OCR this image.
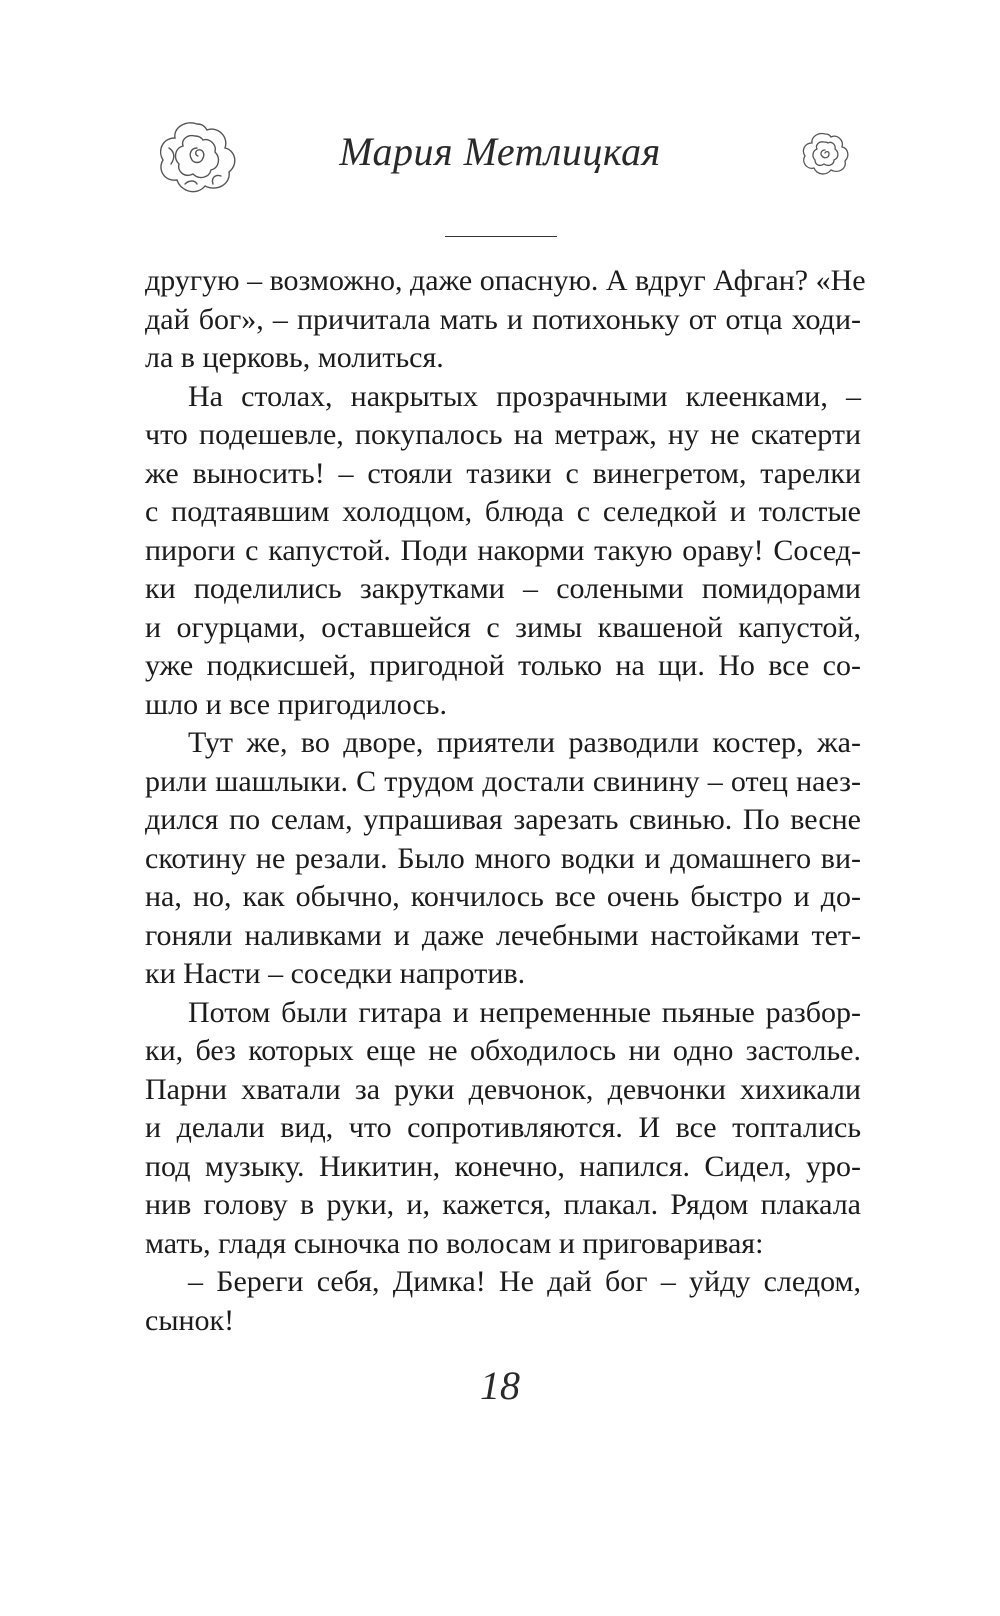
Мария Метлицкая
другую – возможно, даже опасную. А вдруг Афган? «Не
дай бог», – причитала мать и потихоньку от отца ходи-
ла в церковь, молиться.
На столах, накрытых прозрачными клеенками, –
что подешевле, покупалось на метраж, ну не скатерти
же выносить! – стояли тазики с винегретом, тарелки
с подтаявшим холодцом, блюда с селедкой и толстые
пироги с капустой. Поди накорми такую ораву! Сосед-
ки поделились закрутками – солеными помидорами
и огурцами, оставшейся с зимы квашеной капустой,
уже подкисшей, пригодной только на щи. Но все со-
шло и все пригодилось.
Тут же, во дворе, приятели разводили костер, жа-
рили шашлыки. С трудом достали свинину – отец наез-
дился по селам, упрашивая зарезать свинью. По весне
скотину не резали. Было много водки и домашнего ви-
на, но, как обычно, кончилось все очень быстро и до-
гоняли наливками и даже лечебными настойками тет-
ки Насти – соседки напротив.
Потом были гитара и непременные пьяные разбор-
ки, без которых еще не обходилось ни одно застолье.
Парни хватали за руки девчонок, девчонки хихикали
и делали вид, что сопротивляются. И все топтались
под музыку. Никитин, конечно, напился. Сидел, уро-
нив голову в руки, и, кажется, плакал. Рядом плакала
мать, гладя сыночка по волосам и приговаривая:
– Береги себя, Димка! Не дай бог – уйду следом,
сынок!
18
